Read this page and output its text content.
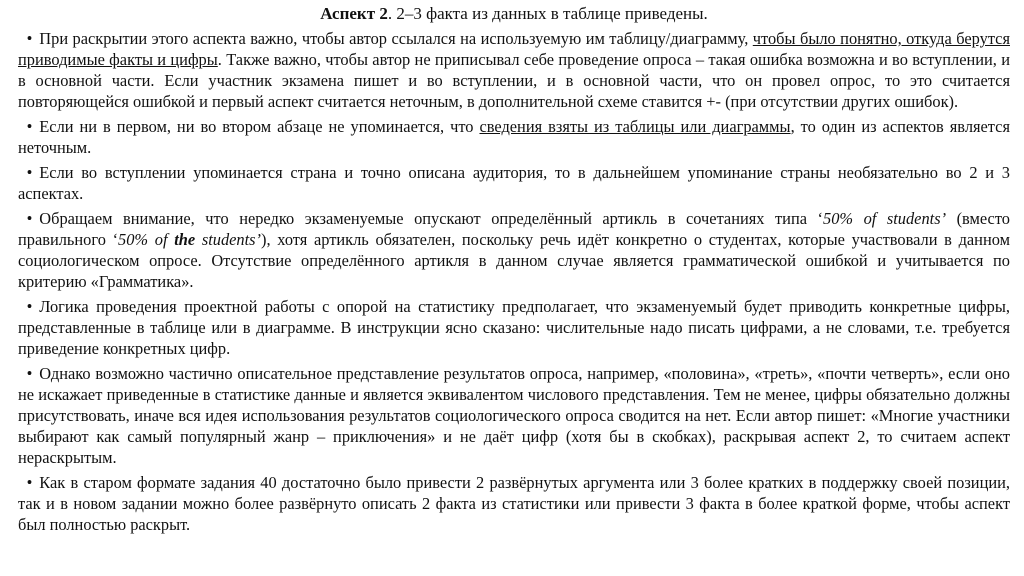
Аспект 2. 2–3 факта из данных в таблице приведены.
• При раскрытии этого аспекта важно, чтобы автор ссылался на используемую им таблицу/диаграмму, чтобы было понятно, откуда берутся приводимые факты и цифры. Также важно, чтобы автор не приписывал себе проведение опроса – такая ошибка возможна и во вступлении, и в основной части. Если участник экзамена пишет и во вступлении, и в основной части, что он провел опрос, то это считается повторяющейся ошибкой и первый аспект считается неточным, в дополнительной схеме ставится +- (при отсутствии других ошибок).
• Если ни в первом, ни во втором абзаце не упоминается, что сведения взяты из таблицы или диаграммы, то один из аспектов является неточным.
• Если во вступлении упоминается страна и точно описана аудитория, то в дальнейшем упоминание страны необязательно во 2 и 3 аспектах.
• Обращаем внимание, что нередко экзаменуемые опускают определённый артикль в сочетаниях типа ‘50% of students’ (вместо правильного ‘50% of the students’), хотя артикль обязателен, поскольку речь идёт конкретно о студентах, которые участвовали в данном социологическом опросе. Отсутствие определённого артикля в данном случае является грамматической ошибкой и учитывается по критерию «Грамматика».
• Логика проведения проектной работы с опорой на статистику предполагает, что экзаменуемый будет приводить конкретные цифры, представленные в таблице или в диаграмме. В инструкции ясно сказано: числительные надо писать цифрами, а не словами, т.е. требуется приведение конкретных цифр.
• Однако возможно частично описательное представление результатов опроса, например, «половина», «треть», «почти четверть», если оно не искажает приведенные в статистике данные и является эквивалентом числового представления. Тем не менее, цифры обязательно должны присутствовать, иначе вся идея использования результатов социологического опроса сводится на нет. Если автор пишет: «Многие участники выбирают как самый популярный жанр – приключения» и не даёт цифр (хотя бы в скобках), раскрывая аспект 2, то считаем аспект нераскрытым.
• Как в старом формате задания 40 достаточно было привести 2 развёрнутых аргумента или 3 более кратких в поддержку своей позиции, так и в новом задании можно более развёрнуто описать 2 факта из статистики или привести 3 факта в более краткой форме, чтобы аспект был полностью раскрыт.
